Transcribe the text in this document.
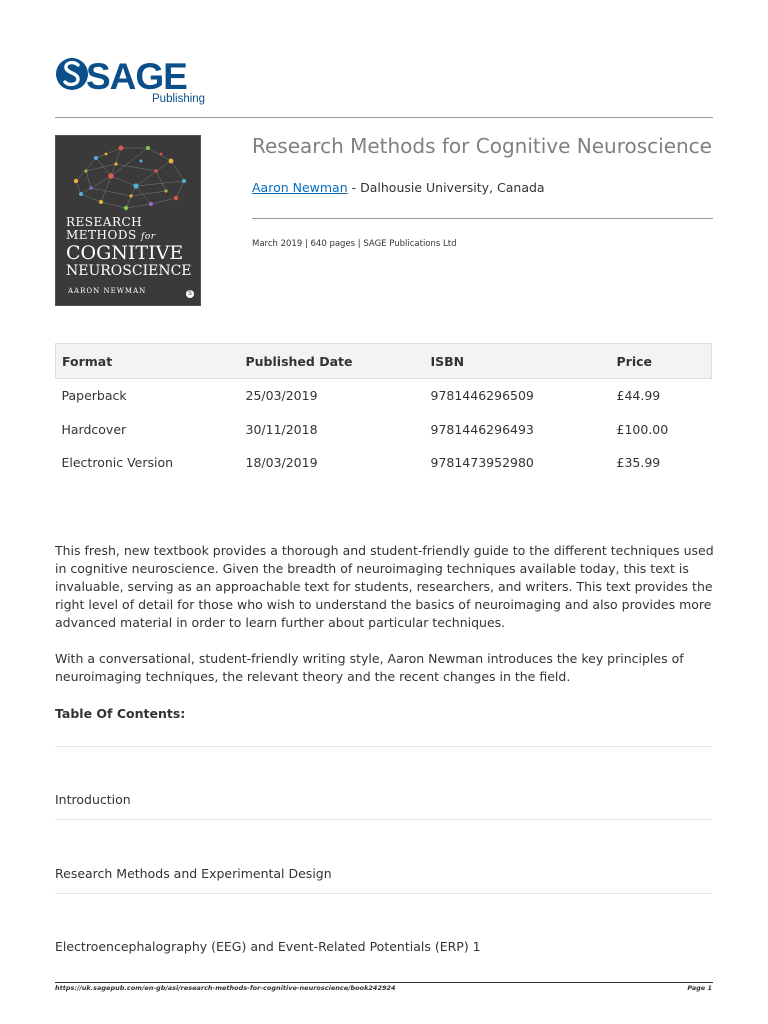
SAGE
Publishing
RESEARCH
METHODS for
COGNITIVE
NEUROSCIENCE
AARON NEWMAN	S
Research Methods for Cognitive Neuroscience
Aaron Newman - Dalhousie University, Canada
March 2019 | 640 pages | SAGE Publications Ltd
Format	Published Date	ISBN	Price
Paperback	25/03/2019	9781446296509	£44.99
Hardcover	30/11/2018	9781446296493	£100.00
Electronic Version	18/03/2019	9781473952980	£35.99

This fresh, new textbook provides a thorough and student-friendly guide to the different techniques used in cognitive neuroscience. Given the breadth of neuroimaging techniques available today, this text is invaluable, serving as an approachable text for students, researchers, and writers. This text provides the right level of detail for those who wish to understand the basics of neuroimaging and also provides more advanced material in order to learn further about particular techniques.

With a conversational, student-friendly writing style, Aaron Newman introduces the key principles of neuroimaging techniques, the relevant theory and the recent changes in the field.

Table Of Contents:
Introduction
Research Methods and Experimental Design
Electroencephalography (EEG) and Event-Related Potentials (ERP) 1
https://uk.sagepub.com/en-gb/asi/research-methods-for-cognitive-neuroscience/book242924	Page 1
